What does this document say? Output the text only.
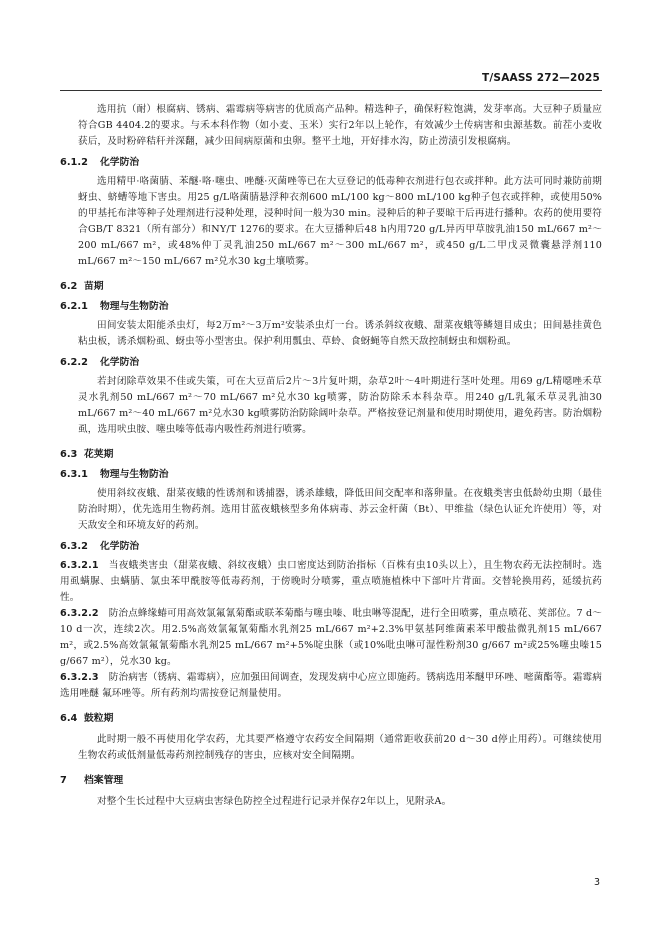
T/SAASS 272—2025

选用抗（耐）根腐病、锈病、霜霉病等病害的优质高产品种。精选种子，确保籽粒饱满，发芽率高。大豆种子质量应符合GB 4404.2的要求。与禾本科作物（如小麦、玉米）实行2年以上轮作，有效减少土传病害和虫源基数。前茬小麦收获后，及时粉碎秸秆并深翻，减少田间病原菌和虫卵。整平土地，开好排水沟，防止涝渍引发根腐病。

6.1.2 化学防治

选用精甲·咯菌腈、苯醚·咯·噻虫、唑醚·灭菌唑等已在大豆登记的低毒种衣剂进行包衣或拌种。此方法可同时兼防前期蚜虫、蛴螬等地下害虫。用25 g/L咯菌腈悬浮种衣剂600 mL/100 kg～800 mL/100 kg种子包衣或拌种，或使用50%的甲基托布津等种子处理剂进行浸种处理，浸种时间一般为30 min。浸种后的种子要晾干后再进行播种。农药的使用要符合GB/T 8321（所有部分）和NY/T 1276的要求。在大豆播种后48 h内用720 g/L异丙甲草胺乳油150 mL/667 m²～200 mL/667 m²，或48%仲丁灵乳油250 mL/667 m²～300 mL/667 m²，或450 g/L二甲戊灵微囊悬浮剂110 mL/667 m²～150 mL/667 m²兑水30 kg土壤喷雾。

6.2 苗期
6.2.1 物理与生物防治

田间安装太阳能杀虫灯，每2万m²～3万m²安装杀虫灯一台。诱杀斜纹夜蛾、甜菜夜蛾等鳞翅目成虫；田间悬挂黄色粘虫板，诱杀烟粉虱、蚜虫等小型害虫。保护利用瓢虫、草蛉、食蚜蝇等自然天敌控制蚜虫和烟粉虱。

6.2.2 化学防治

若封闭除草效果不佳或失策，可在大豆苗后2片～3片复叶期，杂草2叶～4叶期进行茎叶处理。用69 g/L精噁唑禾草灵水乳剂50 mL/667 m²～70 mL/667 m²兑水30 kg喷雾，防治防除禾本科杂草。用240 g/L乳氟禾草灵乳油30 mL/667 m²～40 mL/667 m²兑水30 kg喷雾防治防除阔叶杂草。严格按登记剂量和使用时期使用，避免药害。防治烟粉虱，选用吠虫胺、噻虫嗪等低毒内吸性药剂进行喷雾。

6.3 花荚期
6.3.1 物理与生物防治

使用斜纹夜蛾、甜菜夜蛾的性诱剂和诱捕器，诱杀雄蛾，降低田间交配率和落卵量。在夜蛾类害虫低龄幼虫期（最佳防治时期），优先选用生物药剂。选用甘蓝夜蛾核型多角体病毒、苏云金杆菌（Bt）、甲维盐（绿色认证允许使用）等，对天敌安全和环境友好的药剂。

6.3.2 化学防治

6.3.2.1 当夜蛾类害虫（甜菜夜蛾、斜纹夜蛾）虫口密度达到防治指标（百株有虫10头以上），且生物农药无法控制时。选用虱螨脲、虫螨腈、氯虫苯甲酰胺等低毒药剂，于傍晚时分喷雾，重点喷施植株中下部叶片背面。交替轮换用药，延缓抗药性。

6.3.2.2 防治点蜂缘蝽可用高效氯氟氰菊酯或联苯菊酯与噻虫嗪、吡虫啉等混配，进行全田喷雾，重点喷花、荚部位。7 d～10 d一次，连续2次。用2.5%高效氯氟氰菊酯水乳剂25 mL/667 m²+2.3%甲氨基阿维菌素苯甲酸盐微乳剂15 mL/667 m²，或2.5%高效氯氟氰菊酯水乳剂25 mL/667 m²+5%啶虫脒（或10%吡虫啉可湿性粉剂30 g/667 m²或25%噻虫嗪15 g/667 m²），兑水30 kg。

6.3.2.3 防治病害（锈病、霜霉病），应加强田间调查，发现发病中心应立即施药。锈病选用苯醚甲环唑、嘧菌酯等。霜霉病选用唑醚 氟环唑等。所有药剂均需按登记剂量使用。

6.4 鼓粒期

此时期一般不再使用化学农药，尤其要严格遵守农药安全间隔期（通常距收获前20 d～30 d停止用药）。可继续使用生物农药或低剂量低毒药剂控制残存的害虫，应核对安全间隔期。

7 档案管理

对整个生长过程中大豆病虫害绿色防控全过程进行记录并保存2年以上，见附录A。

3
